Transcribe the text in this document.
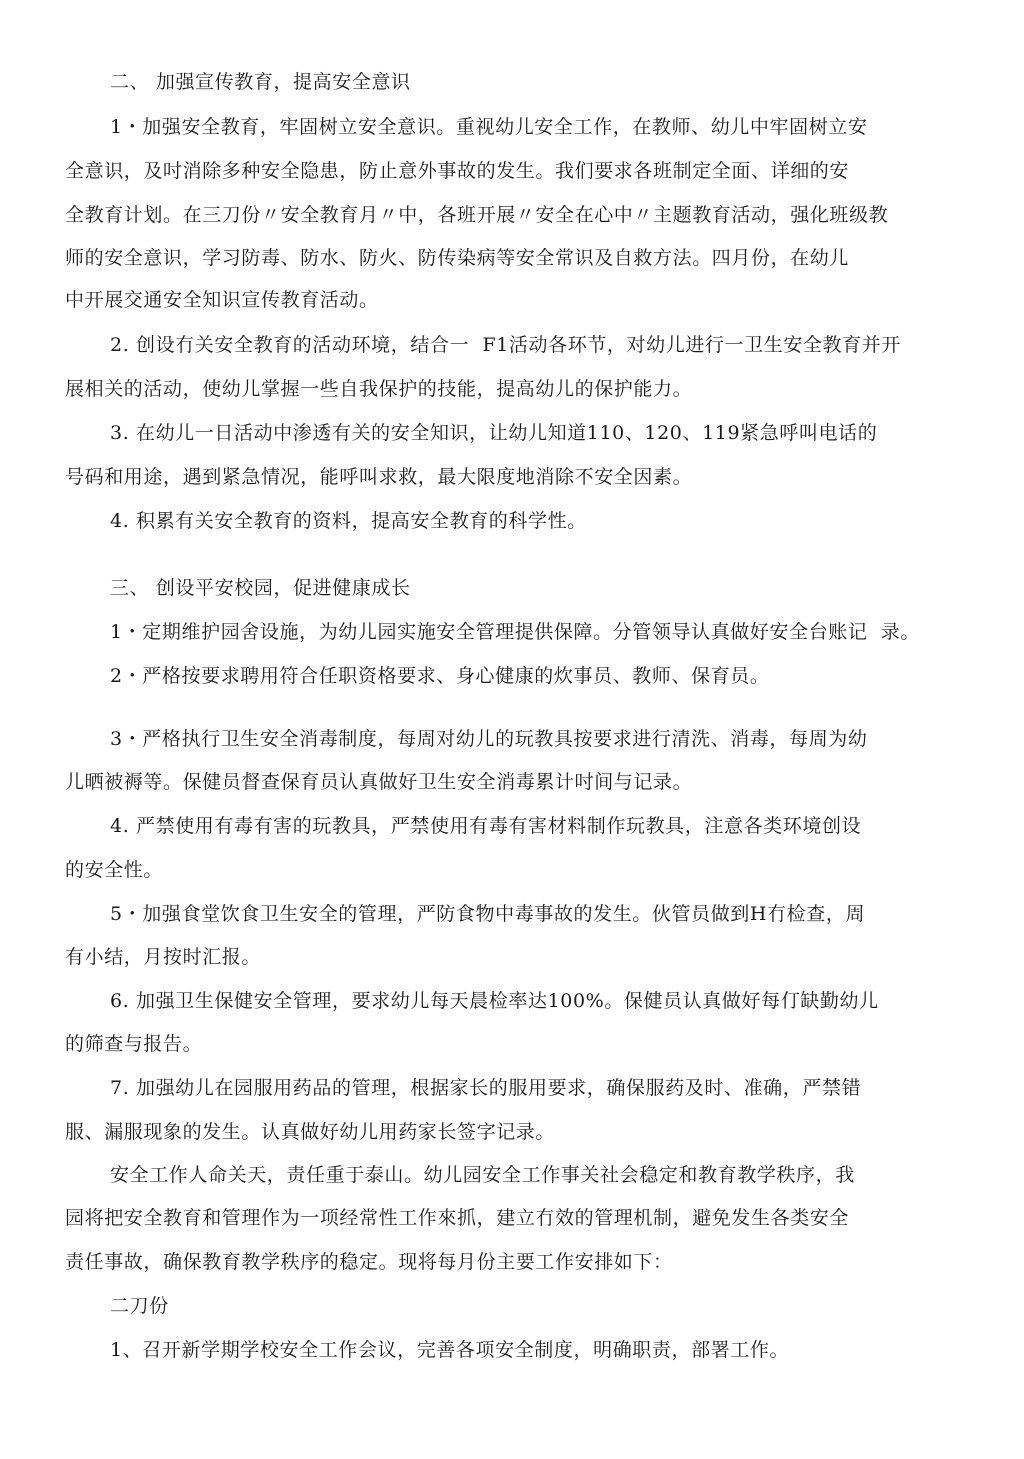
二、 加强宣传教育，提高安全意识
1・加强安全教育，牢固树立安全意识。重视幼儿安全工作，在教师、幼儿中牢固树立安
全意识，及吋消除多种安全隐患，防止意外事故的发生。我们要求各班制定全面、详细的安
全教育计划。在三刀份〃安全教育月〃中，各班开展〃安全在心中〃主题教育活动，强化班级教
师的安全意识，学习防毒、防水、防火、防传染病等安全常识及自救方法。四月份，在幼儿
中开展交通安全知识宣传教育活动。
2. 创设冇关安全教育的活动环境，结合一  F1活动各环节，对幼儿进行一卫生安全教育并开
展相关的活动，使幼儿掌握一些自我保护的技能，提高幼儿的保护能力。
3. 在幼儿一日活动中渗透有关的安全知识，让幼儿知道110、120、119紧急呼叫电话的
号码和用途，遇到紧急情况，能呼叫求救，最大限度地消除不安全因素。
4. 积累有关安全教育的资料，提高安全教育的科学性。
三、 创设平安校园，促进健康成长
1・定期维护园舍设施，为幼儿园实施安全管理提供保障。分管领导认真做好安全台账记  录。
2・严格按要求聘用符合任职资格要求、身心健康的炊事员、教师、保育员。
3・严格执行卫生安全消毒制度，每周对幼儿的玩教具按要求进行清洗、消毒，每周为幼
儿晒被褥等。保健员督查保育员认真做好卫生安全消毒累计吋间与记录。
4. 严禁使用有毒有害的玩教具，严禁使用有毒有害材料制作玩教具，注意各类环境创设
的安全性。
5・加强食堂饮食卫生安全的管理，严防食物中毒事故的发生。伙管员做到H冇检查，周
有小结，月按时汇报。
6. 加强卫生保健安全管理，要求幼儿每天晨检率达100%。保健员认真做好每仃缺勤幼儿
的筛查与报告。
7. 加强幼儿在园服用药品的管理，根据家长的服用要求，确保服药及时、准确，严禁错
服、漏服现象的发生。认真做好幼儿用药家长签字记录。
安全工作人命关天，责任重于泰山。幼儿园安全工作事关社会稳定和教育教学秩序，我
园将把安全教育和管理作为一项经常性工作來抓，建立冇效的管理机制，避免发生各类安全
责任事故，确保教育教学秩序的稳定。现将每月份主要工作安排如下：
二刀份
1、召开新学期学校安全工作会议，完善各项安全制度，明确职责，部署工作。
